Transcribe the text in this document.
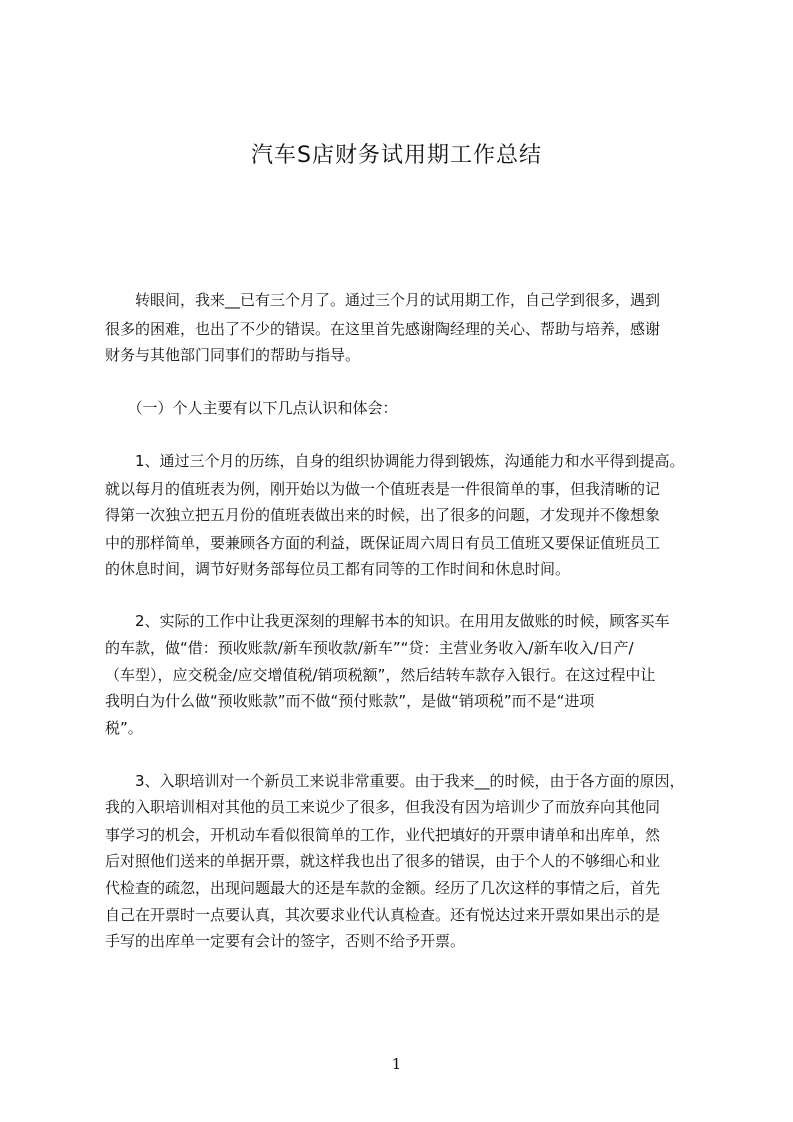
汽车S店财务试用期工作总结
　　转眼间，我来__已有三个月了。通过三个月的试用期工作，自己学到很多，遇到
很多的困难，也出了不少的错误。在这里首先感谢陶经理的关心、帮助与培养，感谢
财务与其他部门同事们的帮助与指导。
　　（一）个人主要有以下几点认识和体会：
　　1、通过三个月的历练，自身的组织协调能力得到锻炼，沟通能力和水平得到提高。
就以每月的值班表为例，刚开始以为做一个值班表是一件很简单的事，但我清晰的记
得第一次独立把五月份的值班表做出来的时候，出了很多的问题，才发现并不像想象
中的那样简单，要兼顾各方面的利益，既保证周六周日有员工值班又要保证值班员工
的休息时间，调节好财务部每位员工都有同等的工作时间和休息时间。
　　2、实际的工作中让我更深刻的理解书本的知识。在用用友做账的时候，顾客买车
的车款，做“借：预收账款/新车预收款/新车”“贷：主营业务收入/新车收入/日产/
（车型），应交税金/应交增值税/销项税额”，然后结转车款存入银行。在这过程中让
我明白为什么做“预收账款”而不做“预付账款”，是做“销项税”而不是“进项
税”。
　　3、入职培训对一个新员工来说非常重要。由于我来__的时候，由于各方面的原因，
我的入职培训相对其他的员工来说少了很多，但我没有因为培训少了而放弃向其他同
事学习的机会，开机动车看似很简单的工作，业代把填好的开票申请单和出库单，然
后对照他们送来的单据开票，就这样我也出了很多的错误，由于个人的不够细心和业
代检查的疏忽，出现问题最大的还是车款的金额。经历了几次这样的事情之后，首先
自己在开票时一点要认真，其次要求业代认真检查。还有悦达过来开票如果出示的是
手写的出库单一定要有会计的签字，否则不给予开票。
1
